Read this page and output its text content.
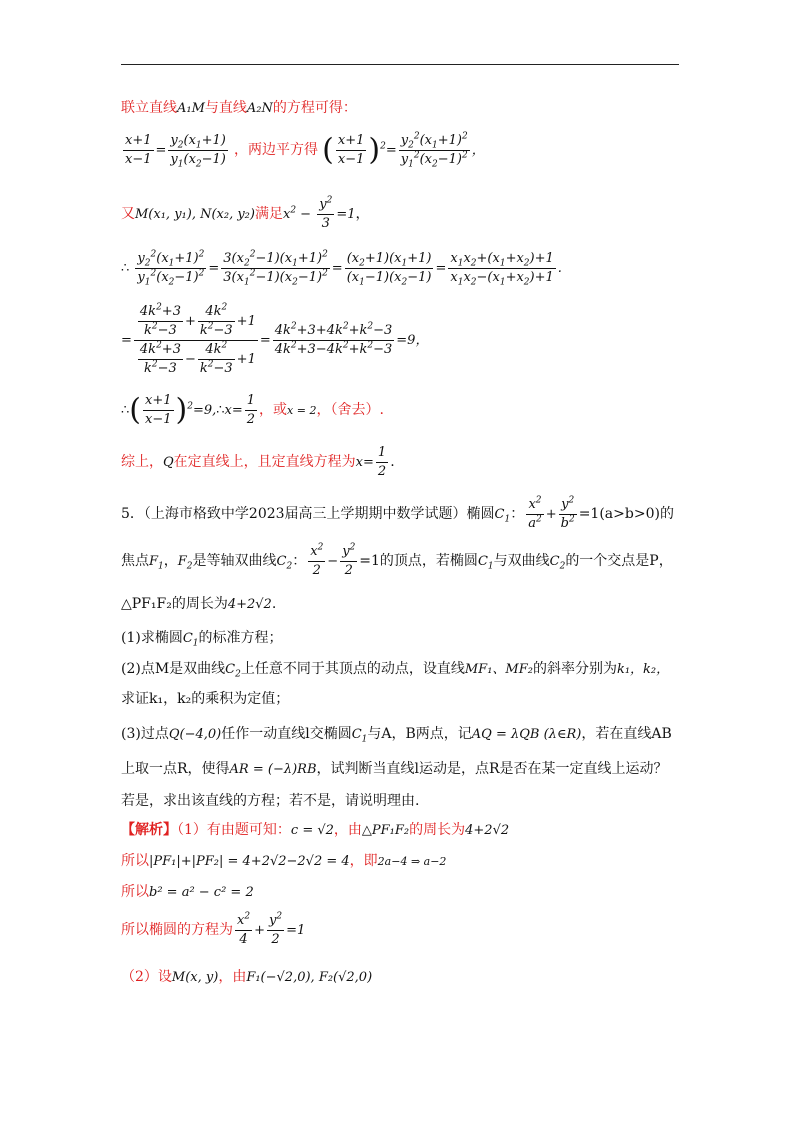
联立直线A₁M与直线A₂N的方程可得：
$\frac{x+1}{x-1} = \frac{y_2(x_1+1)}{y_1(x_2-1)}$ ，两边平方得 ( $\frac{x+1}{x-1} )^2= \frac{y_2^2(x_1+1)^2}{y_1^2(x_2-1)^2}$ ，
又M(x₁, y₁), N(x₂, y₂)满足$x^2 - \frac{y^2}{3} =1$，
∴ $\frac{y_2^2(x_1+1)^2}{y_1^2(x_2-1)^2} = \frac{3(x_2^2-1)(x_1+1)^2}{3(x_1^2-1)(x_2-1)^2} = \frac{(x_2+1)(x_1+1)}{(x_1-1)(x_2-1)} = \frac{x_1x_2+(x_1+x_2)+1}{x_1x_2-(x_1+x_2)+1}$ .
= $\frac{\frac{4k^2+3}{k^2-3} + \frac{4k^2}{k^2-3} +1}{\frac{4k^2+3}{k^2-3} - \frac{4k^2}{k^2-3} +1} = \frac{4k^2+3+4k^2+k^2-3}{4k^2+3-4k^2+k^2-3} =9$，
∴( $\frac{x+1}{x-1}$ )$^2$=9,∴x= $\frac{1}{2}$ ，或x = 2，（舍去）.
综上，Q在定直线上，且定直线方程为$x= \frac{1}{2}$ .
5．（上海市格致中学2023届高三上学期期中数学试题）椭圆$C_1$： $\frac{x^2}{a^2} + \frac{y^2}{b^2} =1(a>b>0)$的
焦点$F_1$，$F_2$是等轴双曲线$C_2$： $\frac{x^2}{2} - \frac{y^2}{2} =1$的顶点，若椭圆$C_1$与双曲线$C_2$的一个交点是P，
△PF₁F₂的周长为4+2√2.
(1)求椭圆$C_1$的标准方程；
(2)点M是双曲线$C_2$上任意不同于其顶点的动点，设直线MF₁、MF₂的斜率分别为k₁，k₂，
求证k₁，k₂的乘积为定值；
(3)过点Q(−4,0)任作一动直线l交椭圆$C_1$与A，B两点，记AQ = λQB (λ∈R)，若在直线AB
上取一点R，使得AR = (−λ)RB，试判断当直线l运动是，点R是否在某一定直线上运动？
若是，求出该直线的方程；若不是，请说明理由.
【解析】（1）有由题可知：c = √2，由△PF₁F₂的周长为4+2√2
所以|PF₁|+|PF₂| = 4+2√2−2√2 = 4，即2a−4 ⇒ a−2
所以b² = a² − c² = 2
所以椭圆的方程为 $\frac{x^2}{4} + \frac{y^2}{2} =1$
（2）设M(x, y)，由F₁(−√2,0), F₂(√2,0)
